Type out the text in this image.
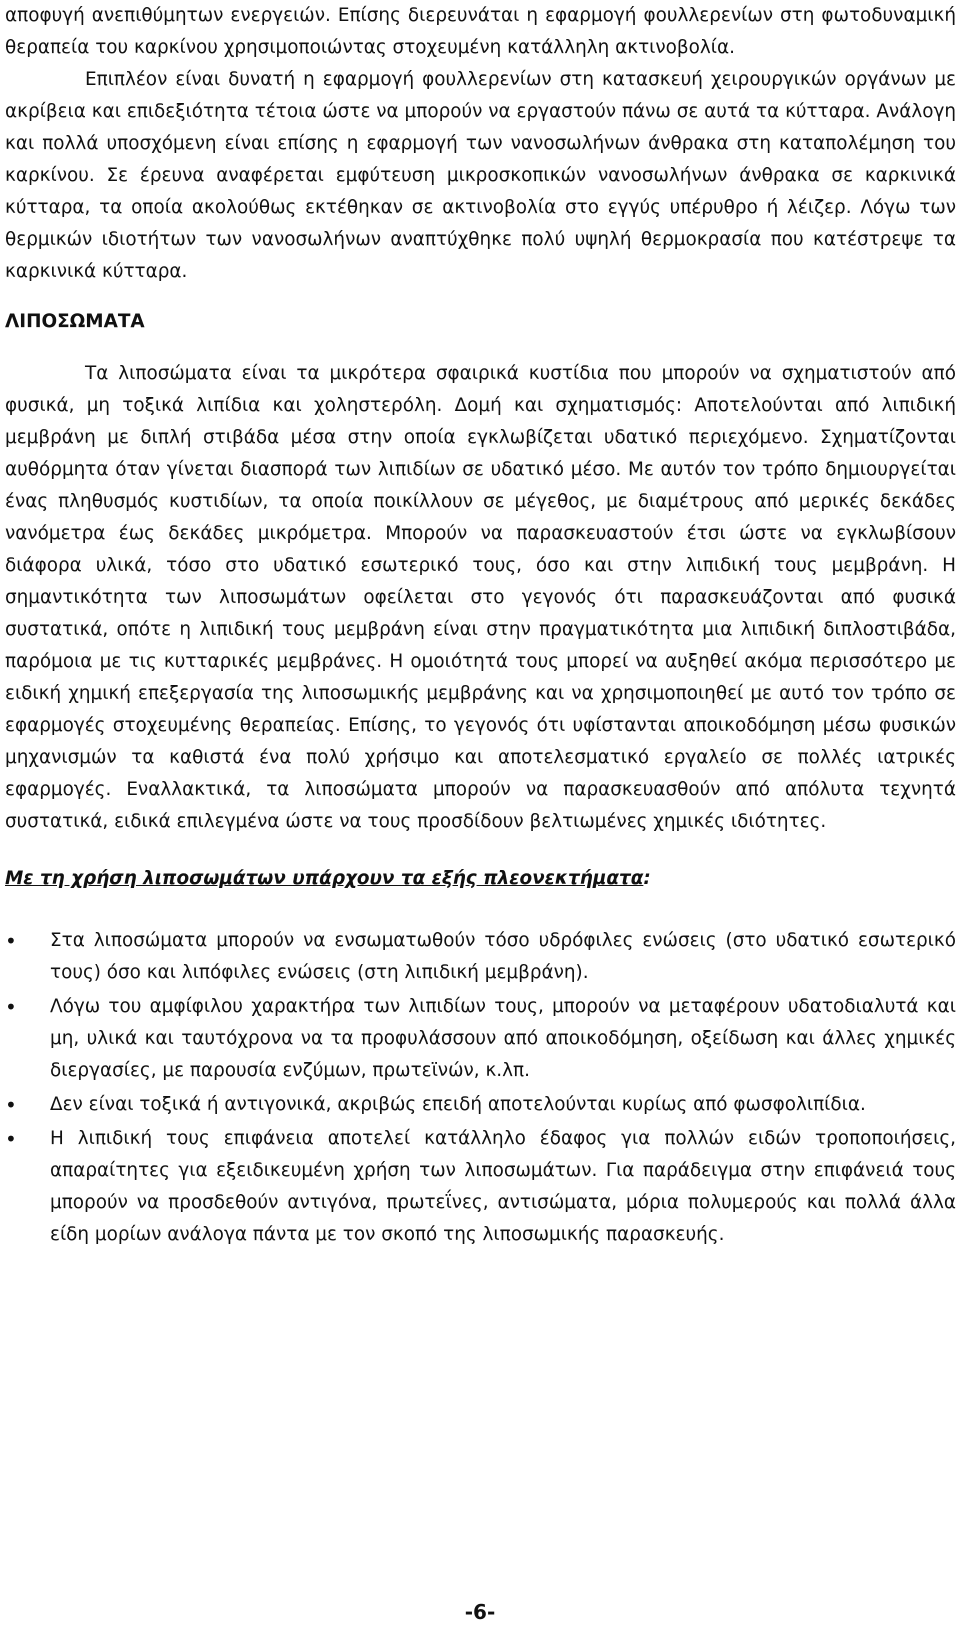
αποφυγή ανεπιθύμητων ενεργειών. Επίσης διερευνάται η εφαρμογή φουλλερενίων στη φωτοδυναμική θεραπεία του καρκίνου χρησιμοποιώντας στοχευμένη κατάλληλη ακτινοβολία.

Επιπλέον είναι δυνατή η εφαρμογή φουλλερενίων στη κατασκευή χειρουργικών οργάνων με ακρίβεια και επιδεξιότητα τέτοια ώστε να μπορούν να εργαστούν πάνω σε αυτά τα κύτταρα. Ανάλογη και πολλά υποσχόμενη είναι επίσης η εφαρμογή των νανοσωλήνων άνθρακα στη καταπολέμηση του καρκίνου. Σε έρευνα αναφέρεται εμφύτευση μικροσκοπικών νανοσωλήνων άνθρακα σε καρκινικά κύτταρα, τα οποία ακολούθως εκτέθηκαν σε ακτινοβολία στο εγγύς υπέρυθρο ή λέιζερ. Λόγω των θερμικών ιδιοτήτων των νανοσωλήνων αναπτύχθηκε πολύ υψηλή θερμοκρασία που κατέστρεψε τα καρκινικά κύτταρα.

ΛΙΠΟΣΩΜΑΤΑ

Τα λιποσώματα είναι τα μικρότερα σφαιρικά κυστίδια που μπορούν να σχηματιστούν από φυσικά, μη τοξικά λιπίδια και χοληστερόλη. Δομή και σχηματισμός: Αποτελούνται από λιπιδική μεμβράνη με διπλή στιβάδα μέσα στην οποία εγκλωβίζεται υδατικό περιεχόμενο. Σχηματίζονται αυθόρμητα όταν γίνεται διασπορά των λιπιδίων σε υδατικό μέσο. Με αυτόν τον τρόπο δημιουργείται ένας πληθυσμός κυστιδίων, τα οποία ποικίλλουν σε μέγεθος, με διαμέτρους από μερικές δεκάδες νανόμετρα έως δεκάδες μικρόμετρα. Μπορούν να παρασκευαστούν έτσι ώστε να εγκλωβίσουν διάφορα υλικά, τόσο στο υδατικό εσωτερικό τους, όσο και στην λιπιδική τους μεμβράνη. Η σημαντικότητα των λιποσωμάτων οφείλεται στο γεγονός ότι παρασκευάζονται από φυσικά συστατικά, οπότε η λιπιδική τους μεμβράνη είναι στην πραγματικότητα μια λιπιδική διπλοστιβάδα, παρόμοια με τις κυτταρικές μεμβράνες. Η ομοιότητά τους μπορεί να αυξηθεί ακόμα περισσότερο με ειδική χημική επεξεργασία της λιποσωμικής μεμβράνης και να χρησιμοποιηθεί με αυτό τον τρόπο σε εφαρμογές στοχευμένης θεραπείας. Επίσης, το γεγονός ότι υφίστανται αποικοδόμηση μέσω φυσικών μηχανισμών τα καθιστά ένα πολύ χρήσιμο και αποτελεσματικό εργαλείο σε πολλές ιατρικές εφαρμογές. Εναλλακτικά, τα λιποσώματα μπορούν να παρασκευασθούν από απόλυτα τεχνητά συστατικά, ειδικά επιλεγμένα ώστε να τους προσδίδουν βελτιωμένες χημικές ιδιότητες.

Με τη χρήση λιποσωμάτων υπάρχουν τα εξής πλεονεκτήματα:
• Στα λιποσώματα μπορούν να ενσωματωθούν τόσο υδρόφιλες ενώσεις (στο υδατικό εσωτερικό τους) όσο και λιπόφιλες ενώσεις (στη λιπιδική μεμβράνη).
• Λόγω του αμφίφιλου χαρακτήρα των λιπιδίων τους, μπορούν να μεταφέρουν υδατοδιαλυτά και μη, υλικά και ταυτόχρονα να τα προφυλάσσουν από αποικοδόμηση, οξείδωση και άλλες χημικές διεργασίες, με παρουσία ενζύμων, πρωτεϊνών, κ.λπ.
• Δεν είναι τοξικά ή αντιγονικά, ακριβώς επειδή αποτελούνται κυρίως από φωσφολιπίδια.
• Η λιπιδική τους επιφάνεια αποτελεί κατάλληλο έδαφος για πολλών ειδών τροποποιήσεις, απαραίτητες για εξειδικευμένη χρήση των λιποσωμάτων. Για παράδειγμα στην επιφάνειά τους μπορούν να προσδεθούν αντιγόνα, πρωτεΐνες, αντισώματα, μόρια πολυμερούς και πολλά άλλα είδη μορίων ανάλογα πάντα με τον σκοπό της λιποσωμικής παρασκευής.
-6-
